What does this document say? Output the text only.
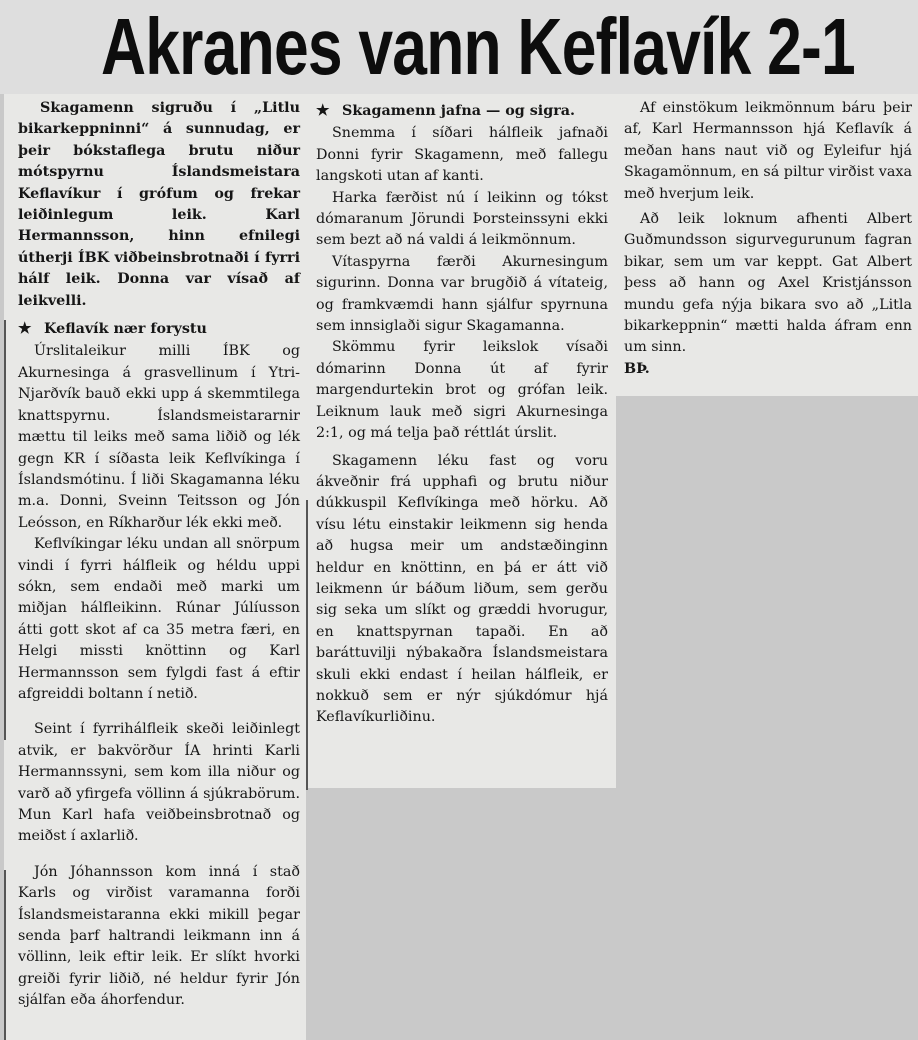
Akranes vann Keflavík 2-1

Skagamenn sigruðu í „Litlu bikarkeppninni“ á sunnudag, er þeir bókstaflega brutu niður mótspyrnu Íslandsmeistara Keflavíkur í grófum og frekar leiðinlegum leik. Karl Hermannsson, hinn efnilegi útherji ÍBK viðbeinsbrotnaði í fyrri hálf leik. Donna var vísað af leikvelli.

★ Keflavík nær forystu

Úrslitaleikur milli ÍBK og Akurnesinga á grasvellinum í Ytri-Njarðvík bauð ekki upp á skemmtilega knattspyrnu. Íslandsmeistararnir mættu til leiks með sama liðið og lék gegn KR í síðasta leik Keflvíkinga í Íslandsmótinu. Í liði Skagamanna léku m.a. Donni, Sveinn Teitsson og Jón Leósson, en Ríkharður lék ekki með.

Keflvíkingar léku undan all snörpum vindi í fyrri hálfleik og héldu uppi sókn, sem endaði með marki um miðjan hálfleikinn. Rúnar Júlíusson átti gott skot af ca 35 metra færi, en Helgi missti knöttinn og Karl Hermannsson sem fylgdi fast á eftir afgreiddi boltann í netið.

Seint í fyrrihálfleik skeði leiðinlegt atvik, er bakvörður ÍA hrinti Karli Hermannssyni, sem kom illa niður og varð að yfirgefa völlinn á sjúkrabörum. Mun Karl hafa veiðbeinsbrotnað og meiðst í axlarlið.

Jón Jóhannsson kom inná í stað Karls og virðist varamanna forði Íslandsmeistaranna ekki mikill þegar senda þarf haltrandi leikmann inn á völlinn, leik eftir leik. Er slíkt hvorki greiði fyrir liðið, né heldur fyrir Jón sjálfan eða áhorfendur.

★ Skagamenn jafna — og sigra.

Snemma í síðari hálfleik jafnaði Donni fyrir Skagamenn, með fallegu langskoti utan af kanti.

Harka færðist nú í leikinn og tókst dómaranum Jörundi Þorsteinssyni ekki sem bezt að ná valdi á leikmönnum.

Vítaspyrna færði Akurnesingum sigurinn. Donna var brugðið á vítateig, og framkvæmdi hann sjálfur spyrnuna sem innsiglaði sigur Skagamanna.

Skömmu fyrir leikslok vísaði dómarinn Donna út af fyrir margendurtekin brot og grófan leik. Leiknum lauk með sigri Akurnesinga 2:1, og má telja það réttlát úrslit.

Skagamenn léku fast og voru ákveðnir frá upphafi og brutu niður dúkkuspil Keflvíkinga með hörku. Að vísu létu einstakir leikmenn sig henda að hugsa meir um andstæðinginn heldur en knöttinn, en þá er átt við leikmenn úr báðum liðum, sem gerðu sig seka um slíkt og græddi hvorugur, en knattspyrnan tapaði. En að baráttuvilji nýbakaðra Íslandsmeistara skuli ekki endast í heilan hálfleik, er nokkuð sem er nýr sjúkdómur hjá Keflavíkurliðinu.

Af einstökum leikmönnum báru þeir af, Karl Hermannsson hjá Keflavík á meðan hans naut við og Eyleifur hjá Skagamönnum, en sá piltur virðist vaxa með hverjum leik.

Að leik loknum afhenti Albert Guðmundsson sigurvegurunum fagran bikar, sem um var keppt. Gat Albert þess að hann og Axel Kristjánsson mundu gefa nýja bikara svo að „Litla bikarkeppnin“ mætti halda áfram enn um sinn.

BÞ.
